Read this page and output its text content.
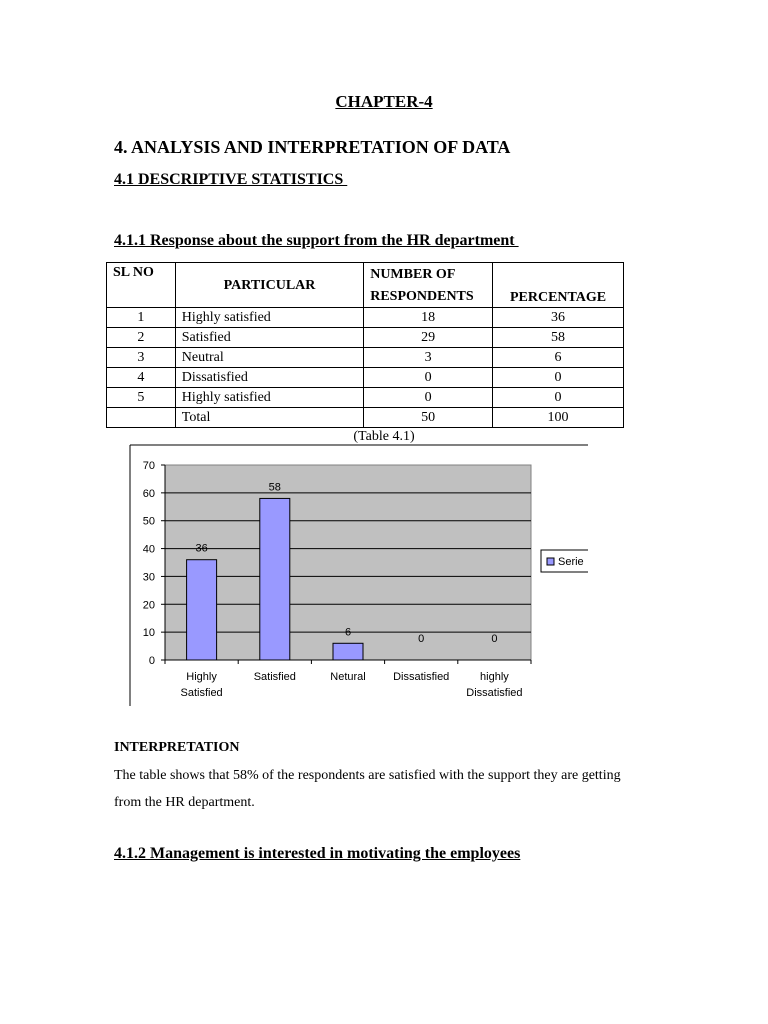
CHAPTER-4
4. ANALYSIS AND INTERPRETATION OF DATA
4.1 DESCRIPTIVE STATISTICS
4.1.1 Response about the support from the HR department
SL NO	PARTICULAR	NUMBER OF	PERCENTAGE
		RESPONDENTS	
1	Highly satisfied	18	36
2	Satisfied	29	58
3	Neutral	3	6
4	Dissatisfied	0	0
5	Highly satisfied	0	0
	Total	50	100
(Table 4.1)
0
10
20
30
40
50
60
70
36
Highly
Satisfied
58
Satisfied
6
Netural
0
Dissatisfied
0
highly
Dissatisfied
Serie
INTERPRETATION
The table shows that 58% of the respondents are satisfied with the support they are getting from the HR department.
4.1.2 Management is interested in motivating the employees
